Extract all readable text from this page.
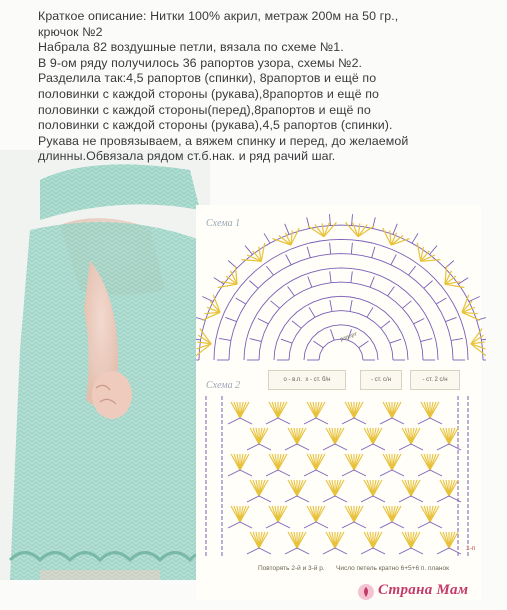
Краткое описание: Нитки 100% акрил, метраж 200м на 50 гр.,
крючок №2
Набрала 82 воздушные петли, вязала по схеме №1.
В 9-ом ряду получилось 36 рапортов узора, схемы №2.
Разделила так:4,5 рапортов (спинки), 8рапортов и ещё по
половинки с каждой стороны (рукава),8рапортов и ещё по
половинки с каждой стороны(перед),8рапортов и ещё по
половинки с каждой стороны (рукава),4,5 рапортов (спинки).
Рукава не провязываем, а вяжем спинку и перед, до желаемой
длинны.Обвязала рядом ст.б.нак. и ряд рачий шаг.
Схема 1
рапорт
о - в.п. х - ст. б/н	- ст. с/н	- ст. 2 с/н
Схема 2
Повторять 2-й и 3-й р. Число петель кратно 6+5+6 п. планок
1-п
Страна Мам
